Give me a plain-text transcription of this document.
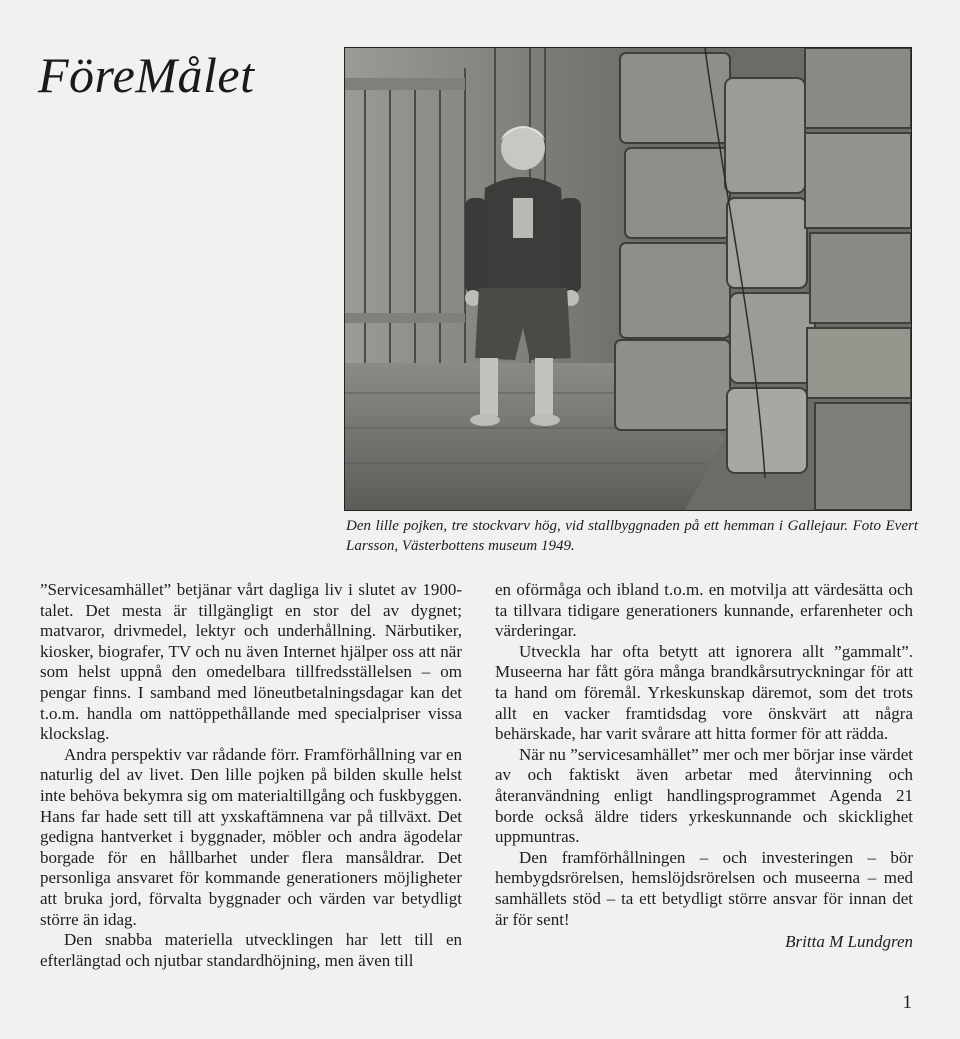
FöreMålet

Den lille pojken, tre stockvarv hög, vid stallbyggnaden på ett hemman i Gallejaur. Foto Evert Larsson, Västerbottens museum 1949.

”Servicesamhället” betjänar vårt dagliga liv i slutet av 1900-talet. Det mesta är tillgängligt en stor del av dygnet; matvaror, drivmedel, lektyr och underhållning. Närbutiker, kiosker, biografer, TV och nu även Internet hjälper oss att när som helst uppnå den omedelbara tillfredsställelsen – om pengar finns. I samband med löneutbetalningsdagar kan det t.o.m. handla om nattöppethållande med specialpriser vissa klockslag.

Andra perspektiv var rådande förr. Framförhållning var en naturlig del av livet. Den lille pojken på bilden skulle helst inte behöva bekymra sig om materialtillgång och fuskbyggen. Hans far hade sett till att yxskaftämnena var på tillväxt. Det gedigna hantverket i byggnader, möbler och andra ägodelar borgade för en hållbarhet under flera mansåldrar. Det personliga ansvaret för kommande generationers möjligheter att bruka jord, förvalta byggnader och värden var betydligt större än idag.

Den snabba materiella utvecklingen har lett till en efterlängtad och njutbar standardhöjning, men även till

en oförmåga och ibland t.o.m. en motvilja att värdesätta och ta tillvara tidigare generationers kunnande, erfarenheter och värderingar.

Utveckla har ofta betytt att ignorera allt ”gammalt”. Museerna har fått göra många brandkårsutryckningar för att ta hand om föremål. Yrkeskunskap däremot, som det trots allt en vacker framtidsdag vore önskvärt att några behärskade, har varit svårare att hitta former för att rädda.

När nu ”servicesamhället” mer och mer börjar inse värdet av och faktiskt även arbetar med återvinning och återanvändning enligt handlingsprogrammet Agenda 21 borde också äldre tiders yrkeskunnande och skicklighet uppmuntras.

Den framförhållningen – och investeringen – bör hembygdsrörelsen, hemslöjdsrörelsen och museerna – med samhällets stöd – ta ett betydligt större ansvar för innan det är för sent!

Britta M Lundgren
1
